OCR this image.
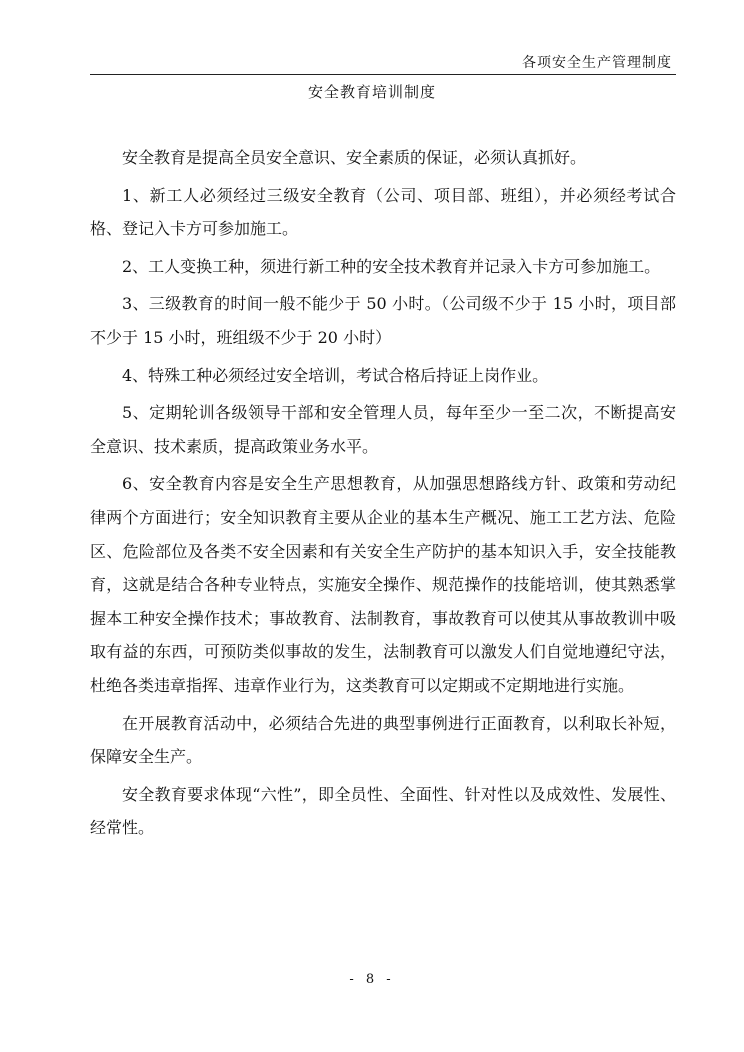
各项安全生产管理制度
安全教育培训制度

安全教育是提高全员安全意识、安全素质的保证，必须认真抓好。

1、新工人必须经过三级安全教育（公司、项目部、班组），并必须经考试合格、登记入卡方可参加施工。

2、工人变换工种，须进行新工种的安全技术教育并记录入卡方可参加施工。

3、三级教育的时间一般不能少于 50 小时。（公司级不少于 15 小时，项目部不少于 15 小时，班组级不少于 20 小时）

4、特殊工种必须经过安全培训，考试合格后持证上岗作业。

5、定期轮训各级领导干部和安全管理人员，每年至少一至二次，不断提高安全意识、技术素质，提高政策业务水平。

6、安全教育内容是安全生产思想教育，从加强思想路线方针、政策和劳动纪律两个方面进行；安全知识教育主要从企业的基本生产概况、施工工艺方法、危险区、危险部位及各类不安全因素和有关安全生产防护的基本知识入手，安全技能教育，这就是结合各种专业特点，实施安全操作、规范操作的技能培训，使其熟悉掌握本工种安全操作技术；事故教育、法制教育，事故教育可以使其从事故教训中吸取有益的东西，可预防类似事故的发生，法制教育可以激发人们自觉地遵纪守法，杜绝各类违章指挥、违章作业行为，这类教育可以定期或不定期地进行实施。

在开展教育活动中，必须结合先进的典型事例进行正面教育，以利取长补短，保障安全生产。

安全教育要求体现“六性”，即全员性、全面性、针对性以及成效性、发展性、经常性。

- 8 -
